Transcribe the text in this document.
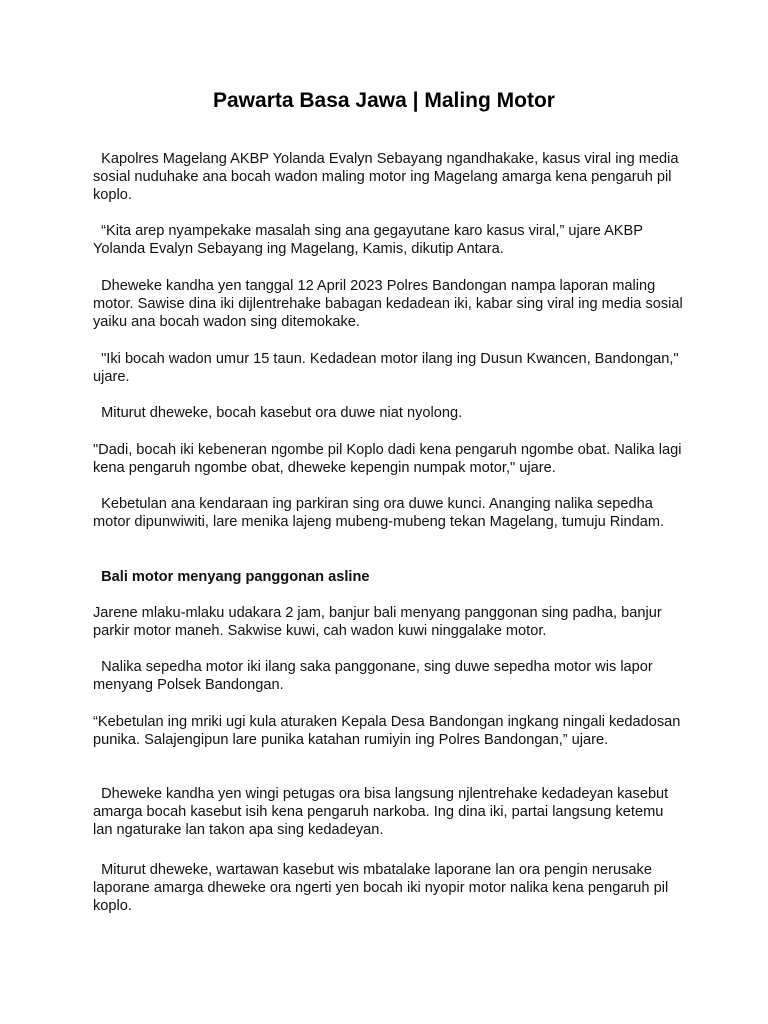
Pawarta Basa Jawa | Maling Motor
Kapolres Magelang AKBP Yolanda Evalyn Sebayang ngandhakake, kasus viral ing media sosial nuduhake ana bocah wadon maling motor ing Magelang amarga kena pengaruh pil koplo.
“Kita arep nyampekake masalah sing ana gegayutane karo kasus viral,” ujare AKBP Yolanda Evalyn Sebayang ing Magelang, Kamis, dikutip Antara.
Dheweke kandha yen tanggal 12 April 2023 Polres Bandongan nampa laporan maling motor. Sawise dina iki dijlentrehake babagan kedadean iki, kabar sing viral ing media sosial yaiku ana bocah wadon sing ditemokake.
"Iki bocah wadon umur 15 taun. Kedadean motor ilang ing Dusun Kwancen, Bandongan," ujare.
Miturut dheweke, bocah kasebut ora duwe niat nyolong.
"Dadi, bocah iki kebeneran ngombe pil Koplo dadi kena pengaruh ngombe obat. Nalika lagi kena pengaruh ngombe obat, dheweke kepengin numpak motor," ujare.
Kebetulan ana kendaraan ing parkiran sing ora duwe kunci. Ananging nalika sepedha motor dipunwiwiti, lare menika lajeng mubeng-mubeng tekan Magelang, tumuju Rindam.
Bali motor menyang panggonan asline
Jarene mlaku-mlaku udakara 2 jam, banjur bali menyang panggonan sing padha, banjur parkir motor maneh. Sakwise kuwi, cah wadon kuwi ninggalake motor.
Nalika sepedha motor iki ilang saka panggonane, sing duwe sepedha motor wis lapor menyang Polsek Bandongan.
“Kebetulan ing mriki ugi kula aturaken Kepala Desa Bandongan ingkang ningali kedadosan punika. Salajengipun lare punika katahan rumiyin ing Polres Bandongan,” ujare.
Dheweke kandha yen wingi petugas ora bisa langsung njlentrehake kedadeyan kasebut amarga bocah kasebut isih kena pengaruh narkoba. Ing dina iki, partai langsung ketemu lan ngaturake lan takon apa sing kedadeyan.
Miturut dheweke, wartawan kasebut wis mbatalake laporane lan ora pengin nerusake laporane amarga dheweke ora ngerti yen bocah iki nyopir motor nalika kena pengaruh pil koplo.
